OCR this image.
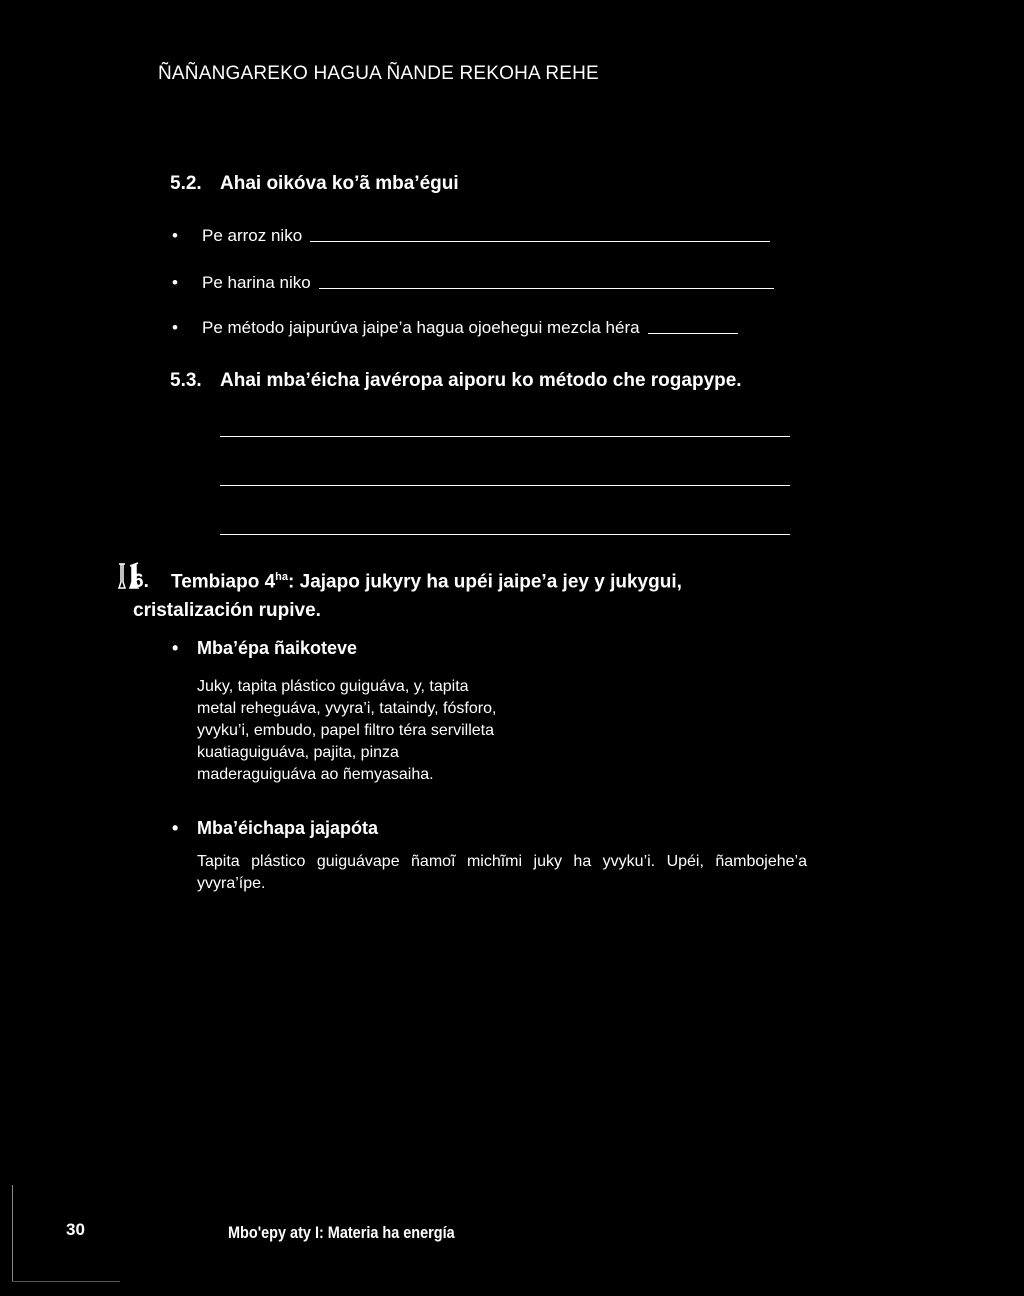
ÑAÑANGAREKO HAGUA ÑANDE REKOHA REHE
5.2. Ahai oikóva ko’ã mba’égui
•	Pe arroz niko
•	Pe harina niko
•	Pe método jaipurúva jaipe’a hagua ojoehegui mezcla héra
5.3. Ahai mba’éicha javéropa aiporu ko método che rogapype.
6. Tembiapo $4^{ha}$: Jajapo jukyry ha upéi jaipe’a jey y jukygui, cristalización rupive.
• Mba’épa ñaikoteve
Juky, tapita plástico guiguáva, y, tapita metal reheguáva, yvyra’i, tataindy, fósforo, yvyku’i, embudo, papel filtro téra servilleta kuatiaguiguáva, pajita, pinza maderaguiguáva ao ñemyasaiha.
• Mba’éichapa jajapóta
Tapita plástico guiguávape ñamoĩ michĩmi juky ha yvyku’i. Upéi, ñambojehe’a yvyra’ípe.
30	Mbo'epy aty I: Materia ha energía
